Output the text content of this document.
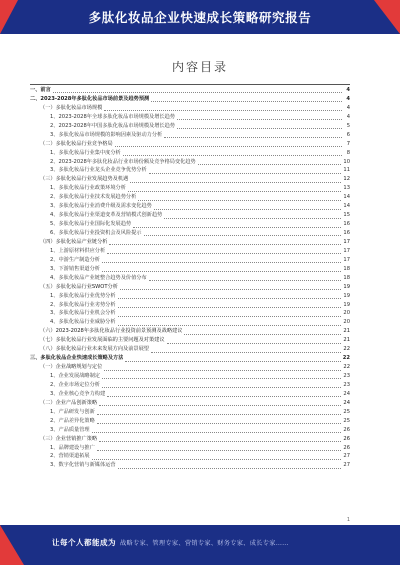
多肽化妆品企业快速成长策略研究报告
内容目录
一、前言	4
二、2023-2028年多肽化妆品市场前景及趋势预测	4
（一）多肽化妆品市场规模	4
1、2023-2028年全球多肽化妆品市场规模及增长趋势	4
2、2023-2028年中国多肽化妆品市场规模及增长趋势	5
3、多肽化妆品市场规模的影响因素及驱动力分析	6
（二）多肽化妆品行业竞争格局	7
1、多肽化妆品行业集中度分析	8
2、2023-2028年多肽化妆品行业市场份额及竞争格局变化趋势	10
3、多肽化妆品行业龙头企业竞争优势分析	11
（三）多肽化妆品行业发展趋势及机遇	12
1、多肽化妆品行业政策环境分析	13
2、多肽化妆品行业技术发展趋势分析	14
3、多肽化妆品行业消费升级及需求变化趋势	14
4、多肽化妆品行业渠道变革及营销模式创新趋势	15
5、多肽化妆品行业国际化发展趋势	16
6、多肽化妆品行业投资机会及风险提示	16
（四）多肽化妆品产业链分析	17
1、上游原材料供应分析	17
2、中游生产制造分析	17
3、下游销售渠道分析	18
4、多肽化妆品产业链整合趋势及价值分布	18
（五）多肽化妆品行业SWOT分析	19
1、多肽化妆品行业优势分析	19
2、多肽化妆品行业劣势分析	19
3、多肽化妆品行业机会分析	20
4、多肽化妆品行业威胁分析	20
（六）2023-2028年多肽化妆品行业投资前景预测及战略建议	21
（七）多肽化妆品行业发展面临的主要问题及对策建议	21
（八）多肽化妆品行业未来发展方向及前景展望	22
三、多肽化妆品企业快速成长策略及方法	22
（一）企业战略规划与定位	22
1、企业发展战略制定	23
2、企业市场定位分析	23
3、企业核心竞争力构建	24
（二）企业产品创新策略	24
1、产品研发与创新	25
2、产品差异化策略	25
3、产品质量管理	26
（三）企业营销推广策略	26
1、品牌建设与推广	26
2、营销渠道拓展	27
3、数字化营销与新媒体运营	27
1
让每个人都能成为 战略专家、管理专家、营销专家、财务专家、成长专家……
